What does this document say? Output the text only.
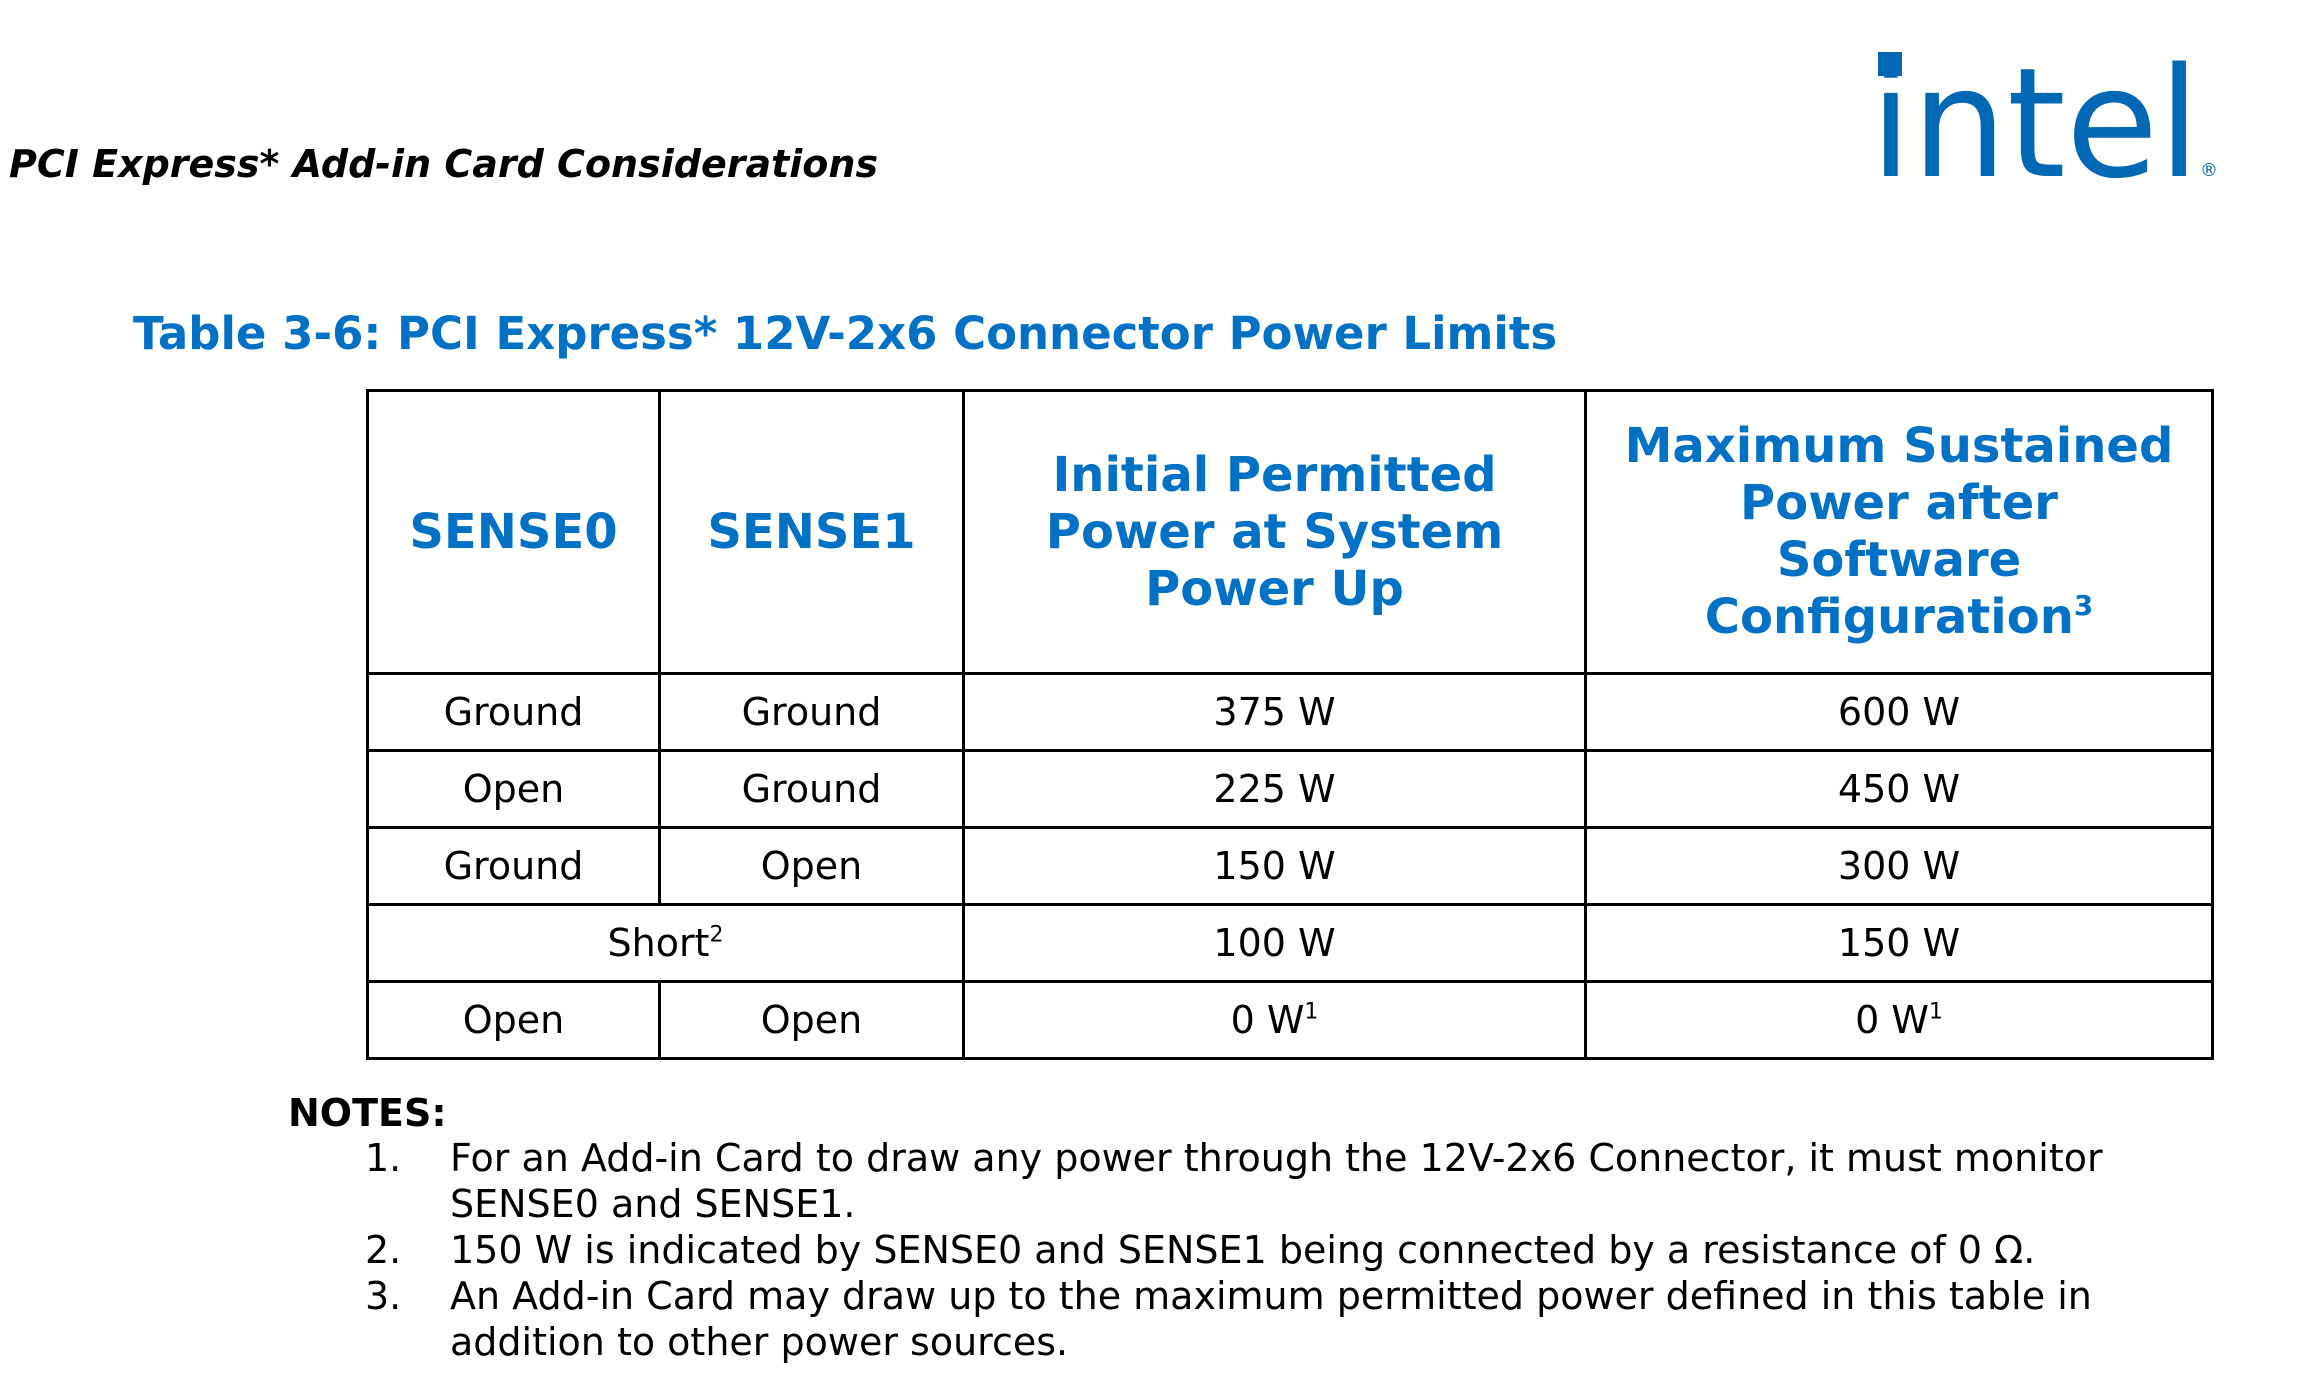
PCI Express* Add-in Card Considerations	intel ®
Table 3-6: PCI Express* 12V-2x6 Connector Power Limits
SENSE0	SENSE1	Initial Permitted Power at System Power Up	Maximum Sustained Power after Software Configuration$^3$

Ground	Ground	375 W	600 W
Open	Ground	225 W	450 W
Ground	Open	150 W	300 W
Short$^2$		100 W	150 W
Open	Open	0 $W^1$	0 $W^1$
NOTES:
1. For an Add-in Card to draw any power through the 12V-2x6 Connector, it must monitor SENSE0 and SENSE1.
2. 150 W is indicated by SENSE0 and SENSE1 being connected by a resistance of 0 Ω.
3. An Add-in Card may draw up to the maximum permitted power defined in this table in addition to other power sources.
